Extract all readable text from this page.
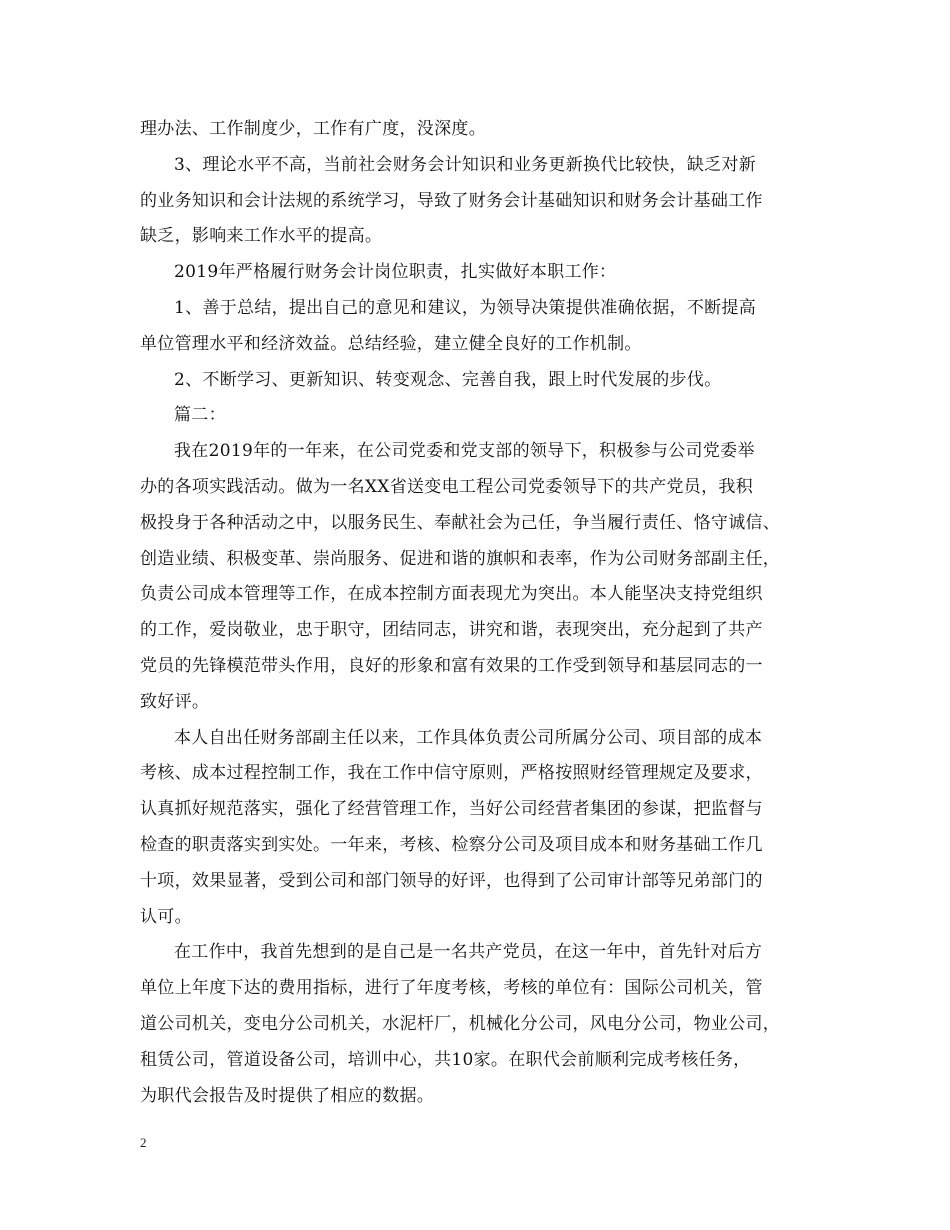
理办法、工作制度少，工作有广度，没深度。
3、理论水平不高，当前社会财务会计知识和业务更新换代比较快，缺乏对新
的业务知识和会计法规的系统学习，导致了财务会计基础知识和财务会计基础工作
缺乏，影响来工作水平的提高。
2019年严格履行财务会计岗位职责，扎实做好本职工作：
1、善于总结，提出自己的意见和建议，为领导决策提供准确依据，不断提高
单位管理水平和经济效益。总结经验，建立健全良好的工作机制。
2、不断学习、更新知识、转变观念、完善自我，跟上时代发展的步伐。
篇二：
我在2019年的一年来，在公司党委和党支部的领导下，积极参与公司党委举
办的各项实践活动。做为一名XX省送变电工程公司党委领导下的共产党员，我积
极投身于各种活动之中，以服务民生、奉献社会为己任，争当履行责任、恪守诚信、
创造业绩、积极变革、崇尚服务、促进和谐的旗帜和表率，作为公司财务部副主任，
负责公司成本管理等工作，在成本控制方面表现尤为突出。本人能坚决支持党组织
的工作，爱岗敬业，忠于职守，团结同志，讲究和谐，表现突出，充分起到了共产
党员的先锋模范带头作用，良好的形象和富有效果的工作受到领导和基层同志的一
致好评。
本人自出任财务部副主任以来，工作具体负责公司所属分公司、项目部的成本
考核、成本过程控制工作，我在工作中信守原则，严格按照财经管理规定及要求，
认真抓好规范落实，强化了经营管理工作，当好公司经营者集团的参谋，把监督与
检查的职责落实到实处。一年来，考核、检察分公司及项目成本和财务基础工作几
十项，效果显著，受到公司和部门领导的好评，也得到了公司审计部等兄弟部门的
认可。
在工作中，我首先想到的是自己是一名共产党员，在这一年中，首先针对后方
单位上年度下达的费用指标，进行了年度考核，考核的单位有：国际公司机关，管
道公司机关，变电分公司机关，水泥杆厂，机械化分公司，风电分公司，物业公司，
租赁公司，管道设备公司，培训中心，共10家。在职代会前顺利完成考核任务，
为职代会报告及时提供了相应的数据。
2
